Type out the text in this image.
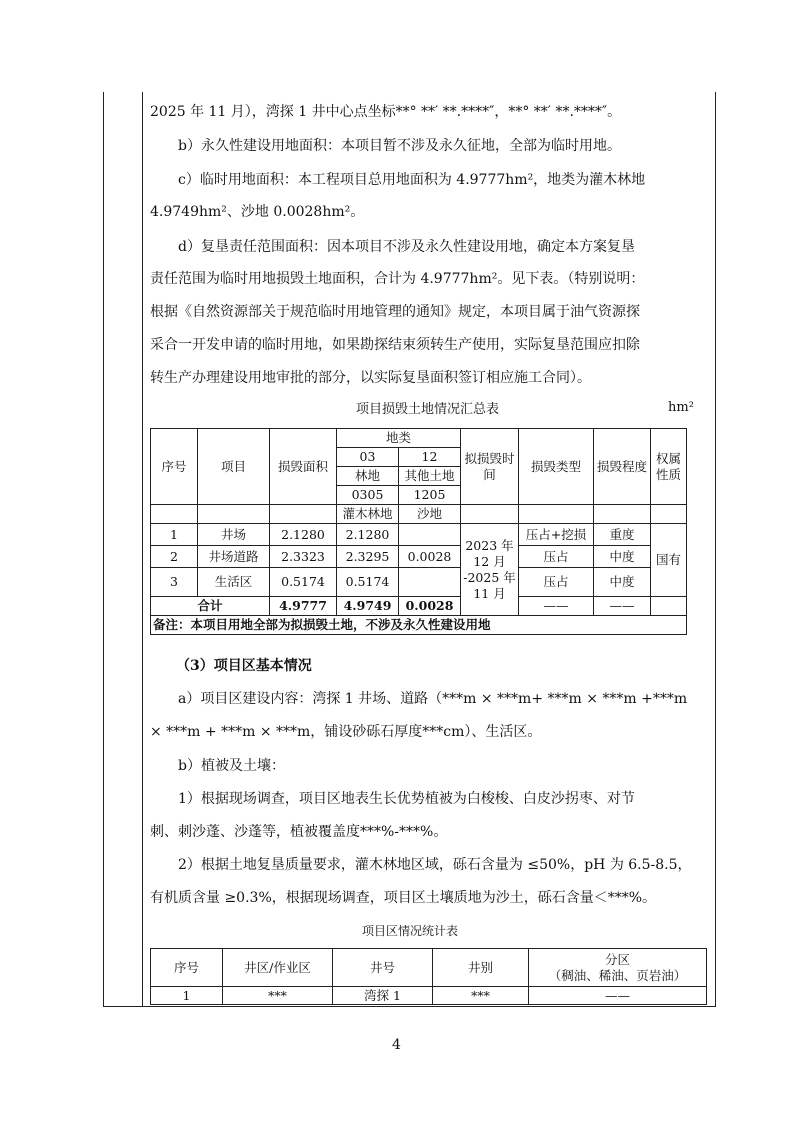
2025 年 11 月），湾探 1 井中心点坐标**° **′ **.****″，**° **′ **.****″。
b）永久性建设用地面积：本项目暂不涉及永久征地，全部为临时用地。
c）临时用地面积：本工程项目总用地面积为 4.9777hm²，地类为灌木林地
4.9749hm²、沙地 0.0028hm²。
d）复垦责任范围面积：因本项目不涉及永久性建设用地，确定本方案复垦
责任范围为临时用地损毁土地面积，合计为 4.9777hm²。见下表。（特别说明：
根据《自然资源部关于规范临时用地管理的通知》规定，本项目属于油气资源探
采合一开发申请的临时用地，如果勘探结束须转生产使用，实际复垦范围应扣除
转生产办理建设用地审批的部分，以实际复垦面积签订相应施工合同）。
项目损毁土地情况汇总表	hm²
序号	项目	损毁面积	地类		拟损毁时间	损毁类型	损毁程度	权属性质
			03	12				
			林地	其他土地				
			0305	1205				
			灌木林地	沙地				
1	井场	2.1280	2.1280		2023 年 12 月 -2025 年 11 月	压占+挖损	重度	国有
2	井场道路	2.3323	2.3295	0.0028		压占	中度	
3	生活区	0.5174	0.5174			压占	中度	
合计		4.9777	4.9749	0.0028		——	——	
备注：本项目用地全部为拟损毁土地，不涉及永久性建设用地								
（3）项目区基本情况
a）项目区建设内容：湾探 1 井场、道路（***m × ***m+ ***m × ***m +***m
× ***m + ***m × ***m，铺设砂砾石厚度***cm）、生活区。
b）植被及土壤：
1）根据现场调查，项目区地表生长优势植被为白梭梭、白皮沙拐枣、对节
刺、刺沙蓬、沙蓬等，植被覆盖度***%-***%。
2）根据土地复垦质量要求，灌木林地区域，砾石含量为 ≤50%，pH 为 6.5-8.5，
有机质含量 ≥0.3%，根据现场调查，项目区土壤质地为沙土，砾石含量＜***%。
项目区情况统计表
序号	井区/作业区	井号	井别	分区
（稠油、稀油、页岩油）

1	***	湾探 1	***	——
4
